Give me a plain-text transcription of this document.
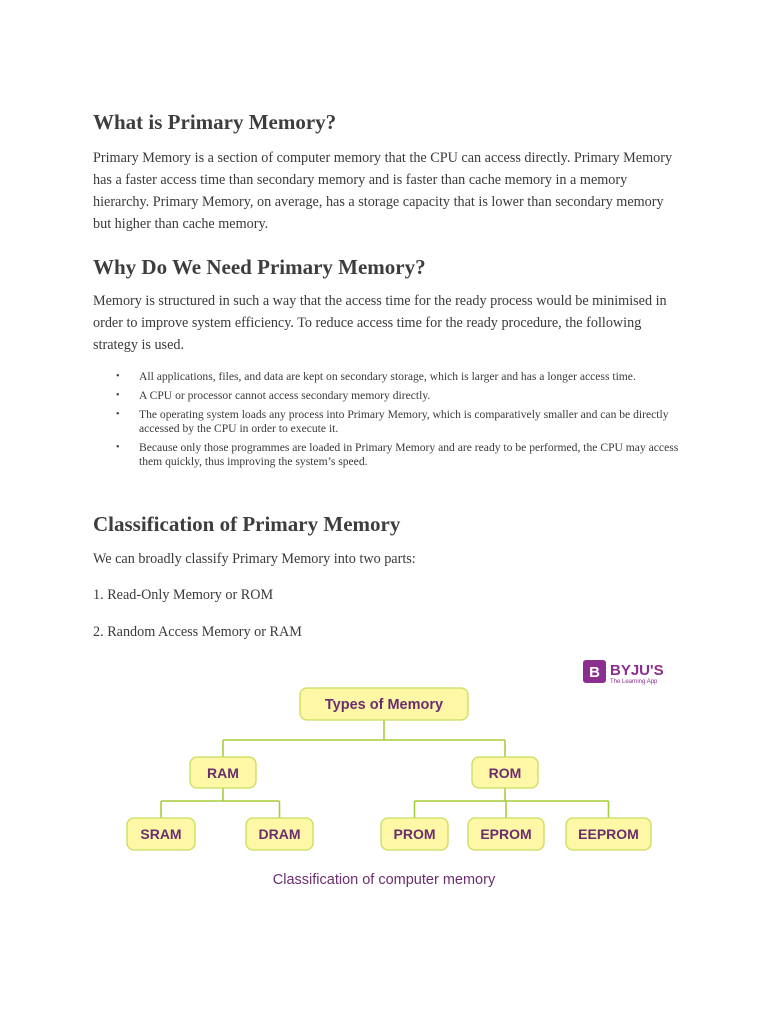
What is Primary Memory?

Primary Memory is a section of computer memory that the CPU can access directly. Primary Memory has a faster access time than secondary memory and is faster than cache memory in a memory hierarchy. Primary Memory, on average, has a storage capacity that is lower than secondary memory but higher than cache memory.

Why Do We Need Primary Memory?

Memory is structured in such a way that the access time for the ready process would be minimised in order to improve system efficiency. To reduce access time for the ready procedure, the following strategy is used.

• All applications, files, and data are kept on secondary storage, which is larger and has a longer access time.
• A CPU or processor cannot access secondary memory directly.
• The operating system loads any process into Primary Memory, which is comparatively smaller and can be directly accessed by the CPU in order to execute it.
• Because only those programmes are loaded in Primary Memory and are ready to be performed, the CPU may access them quickly, thus improving the system’s speed.
Classification of Primary Memory

We can broadly classify Primary Memory into two parts:

1. Read-Only Memory or ROM

2. Random Access Memory or RAM

B BYJU'S
The Learning App
Types of Memory
RAM	ROM
SRAM	DRAM	PROM	EPROM	EEPROM
Classification of computer memory
